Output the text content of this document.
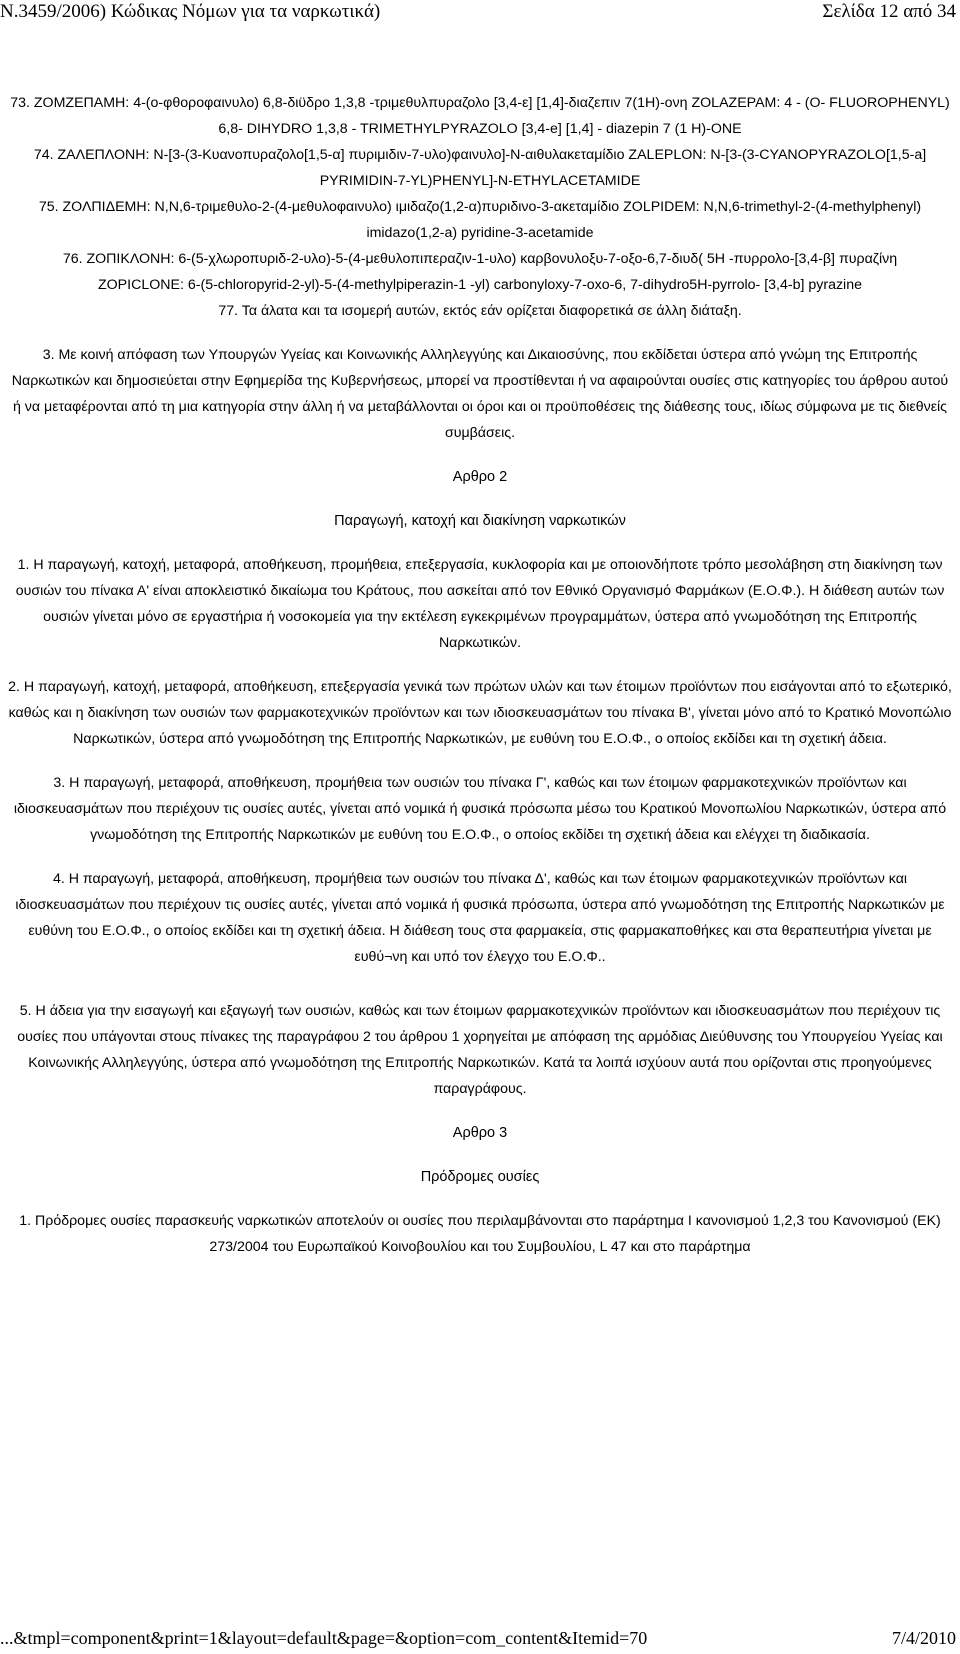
N.3459/2006) Κώδικας Νόμων για τα ναρκωτικά)	Σελίδα 12 από 34

73. ΖΟΜΖΕΠΑΜΗ: 4-(ο-φθοροφαινυλο) 6,8-διϋδρο 1,3,8 -τριμεθυλπυραζολο [3,4-ε] [1,4]-διαζεπιν 7(1Η)-ονη ZOLAZEPAM: 4 - (O- FLUOROPHENYL) 6,8- DIHYDRO 1,3,8 - TRIMETHYLPYRAZOLO [3,4-e] [1,4] - diazepin 7 (1 H)-ONE

74. ΖΑΛΕΠΛΟΝΗ: Ν-[3-(3-Κυανοπυραζολο[1,5-α] πυριμιδιν-7-υλο)φαινυλο]-Ν-αιθυλακεταμίδιο ZALEPLON: N-[3-(3-CYANOPYRAZOLO[1,5-a] PYRIMIDIN-7-YL)PHENYL]-N-ETHYLACETAMIDE

75. ΖΟΛΠΙΔΕΜΗ: Ν,Ν,6-τριμεθυλο-2-(4-μεθυλοφαινυλο) ιμιδαζο(1,2-α)πυριδινο-3-ακεταμίδιο ZOLPIDEM: N,N,6-trimethyl-2-(4-methylphenyl) imidazo(1,2-a) pyridine-3-acetamide

76. ΖΟΠΙΚΛΟΝΗ: 6-(5-χλωροπυριδ-2-υλο)-5-(4-μεθυλοπιπεραζιν-1-υλο) καρβονυλοξυ-7-οξο-6,7-διυδ( 5Η -πυρρολο-[3,4-β] πυραζίνη

ZOPICLONE: 6-(5-chloropyrid-2-yl)-5-(4-methylpiperazin-1 -yl) carbonyloxy-7-oxo-6, 7-dihydro5H-pyrrolo- [3,4-b] pyrazine

77. Τα άλατα και τα ισομερή αυτών, εκτός εάν ορίζεται διαφορετικά σε άλλη διάταξη.

3. Με κοινή απόφαση των Υπουργών Υγείας και Κοινωνικής Αλληλεγγύης και Δικαιοσύνης, που εκδίδεται ύστερα από γνώμη της Επιτροπής Ναρκωτικών και δημοσιεύεται στην Εφημερίδα της Κυβερνήσεως, μπορεί να προστίθενται ή να αφαιρούνται ουσίες στις κατηγορίες του άρθρου αυτού ή να μεταφέρονται από τη μια κατηγορία στην άλλη ή να μεταβάλλονται οι όροι και οι προϋποθέσεις της διάθεσης τους, ιδίως σύμφωνα με τις διεθνείς συμβάσεις.

Αρθρο 2

Παραγωγή, κατοχή και διακίνηση ναρκωτικών

1. Η παραγωγή, κατοχή, μεταφορά, αποθήκευση, προμήθεια, επεξεργασία, κυκλοφορία και με οποιονδήποτε τρόπο μεσολάβηση στη διακίνηση των ουσιών του πίνακα Α' είναι αποκλειστικό δικαίωμα του Κράτους, που ασκείται από τον Εθνικό Οργανισμό Φαρμάκων (Ε.Ο.Φ.). Η διάθεση αυτών των ουσιών γίνεται μόνο σε εργαστήρια ή νοσοκομεία για την εκτέλεση εγκεκριμένων προγραμμάτων, ύστερα από γνωμοδότηση της Επιτροπής Ναρκωτικών.

2. Η παραγωγή, κατοχή, μεταφορά, αποθήκευση, επεξεργασία γενικά των πρώτων υλών και των έτοιμων προϊόντων που εισάγονται από το εξωτερικό, καθώς και η διακίνηση των ουσιών των φαρμακοτεχνικών προϊόντων και των ιδιοσκευασμάτων του πίνακα Β', γίνεται μόνο από το Κρατικό Μονοπώλιο Ναρκωτικών, ύστερα από γνωμοδότηση της Επιτροπής Ναρκωτικών, με ευθύνη του Ε.Ο.Φ., ο οποίος εκδίδει και τη σχετική άδεια.

3. Η παραγωγή, μεταφορά, αποθήκευση, προμήθεια των ουσιών του πίνακα Γ', καθώς και των έτοιμων φαρμακοτεχνικών προϊόντων και ιδιοσκευασμάτων που περιέχουν τις ουσίες αυτές, γίνεται από νομικά ή φυσικά πρόσωπα μέσω του Κρατικού Μονοπωλίου Ναρκωτικών, ύστερα από γνωμοδότηση της Επιτροπής Ναρκωτικών με ευθύνη του Ε.Ο.Φ., ο οποίος εκδίδει τη σχετική άδεια και ελέγχει τη διαδικασία.

4. Η παραγωγή, μεταφορά, αποθήκευση, προμήθεια των ουσιών του πίνακα Δ', καθώς και των έτοιμων φαρμακοτεχνικών προϊόντων και ιδιοσκευασμάτων που περιέχουν τις ουσίες αυτές, γίνεται από νομικά ή φυσικά πρόσωπα, ύστερα από γνωμοδότηση της Επιτροπής Ναρκωτικών με ευθύνη του Ε.Ο.Φ., ο οποίος εκδίδει και τη σχετική άδεια. Η διάθεση τους στα φαρμακεία, στις φαρμακαποθήκες και στα θεραπευτήρια γίνεται με ευθύ¬νη και υπό τον έλεγχο του Ε.Ο.Φ..

5. Η άδεια για την εισαγωγή και εξαγωγή των ουσιών, καθώς και των έτοιμων φαρμακοτεχνικών προϊόντων και ιδιοσκευασμάτων που περιέχουν τις ουσίες που υπάγονται στους πίνακες της παραγράφου 2 του άρθρου 1 χορηγείται με απόφαση της αρμόδιας Διεύθυνσης του Υπουργείου Υγείας και Κοινωνικής Αλληλεγγύης, ύστερα από γνωμοδότηση της Επιτροπής Ναρκωτικών. Κατά τα λοιπά ισχύουν αυτά που ορίζονται στις προηγούμενες παραγράφους.

Αρθρο 3

Πρόδρομες ουσίες

1. Πρόδρομες ουσίες παρασκευής ναρκωτικών αποτελούν οι ουσίες που περιλαμβάνονται στο παράρτημα Ι κανονισμού 1,2,3 του Κανονισμού (ΕΚ) 273/2004 του Ευρωπαϊκού Κοινοβουλίου και του Συμβουλίου, L 47 και στο παράρτημα

...&tmpl=component&print=1&layout=default&page=&option=com_content&Itemid=70	7/4/2010
